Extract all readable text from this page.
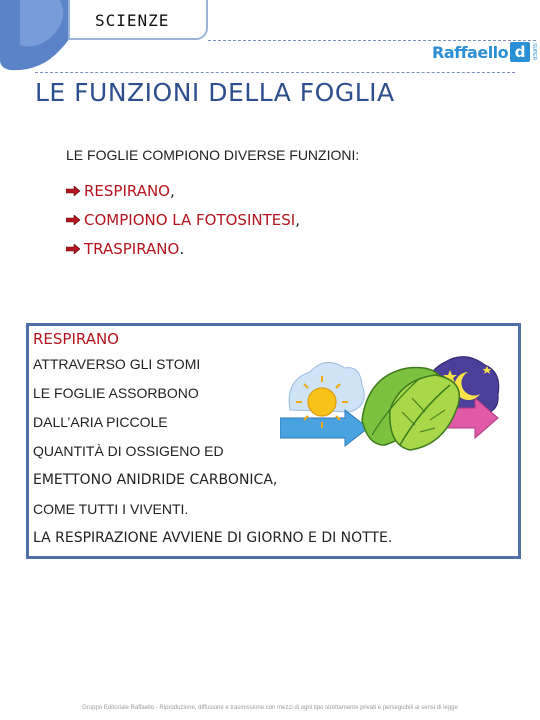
SCIENZE
Raffaello d	SUPER
LE FUNZIONI DELLA FOGLIA
LE FOGLIE COMPIONO DIVERSE FUNZIONI:
RESPIRANO ,
COMPIONO LA FOTOSINTESI ,
TRASPIRANO .
RESPIRANO
ATTRAVERSO GLI STOMI
LE FOGLIE ASSORBONO
DALL’ARIA PICCOLE
QUANTITÀ DI OSSIGENO ED
EMETTONO ANIDRIDE CARBONICA,
COME TUTTI I VIVENTI.
LA RESPIRAZIONE AVVIENE DI GIORNO E DI NOTTE.
Gruppo Editoriale Raffaello - Riproduzione, diffusione e trasmissione con mezzi di ogni tipo strettamente privati e perseguibili ai sensi di legge
